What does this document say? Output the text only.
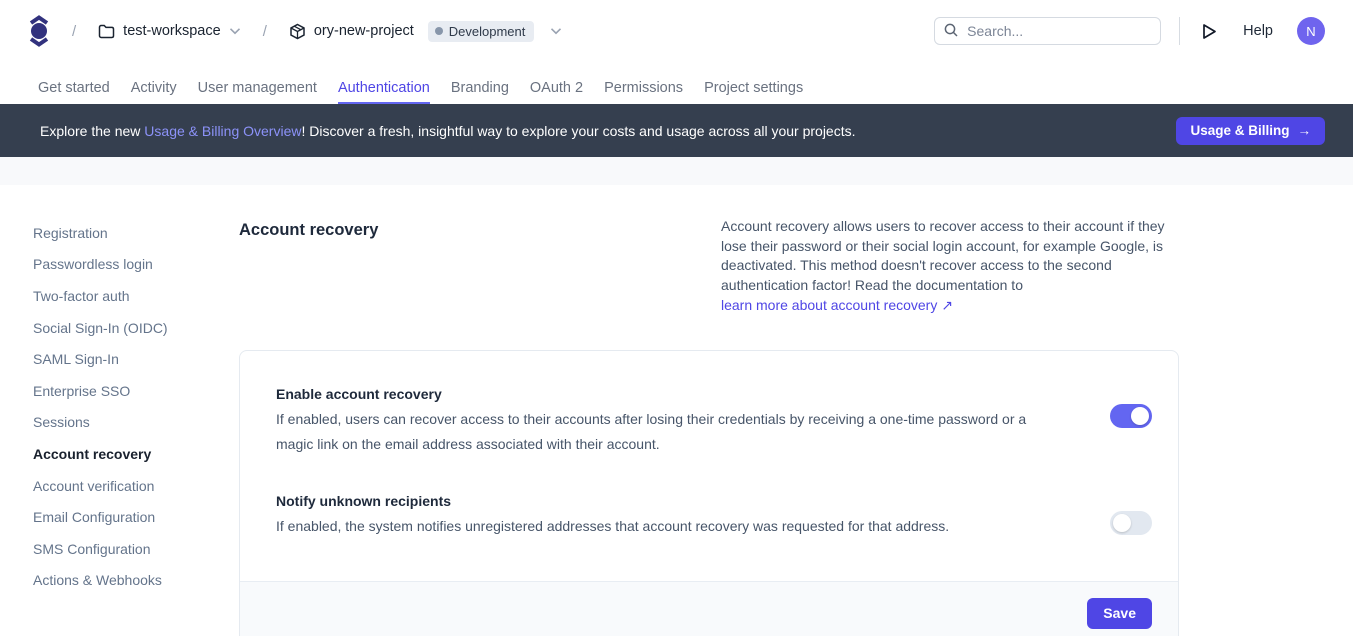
/	test-workspace	/	ory-new-project	Development
Search...	Help	N
Get started Activity User management Authentication Branding OAuth 2 Permissions Project settings
Explore the new Usage & Billing Overview! Discover a fresh, insightful way to explore your costs and usage across all your projects.	Usage & Billing →
Registration
Passwordless login
Two-factor auth
Social Sign-In (OIDC)
SAML Sign-In
Enterprise SSO
Sessions
Account recovery
Account verification
Email Configuration
SMS Configuration
Actions & Webhooks
Account recovery	Account recovery allows users to recover access to their account if they lose their password or their social login account, for example Google, is deactivated. This method doesn't recover access to the second authentication factor! Read the documentation to
learn more about account recovery ↗
Enable account recovery
If enabled, users can recover access to their accounts after losing their credentials by receiving a one-time password or a magic link on the email address associated with their account.
Notify unknown recipients
If enabled, the system notifies unregistered addresses that account recovery was requested for that address.
Save
